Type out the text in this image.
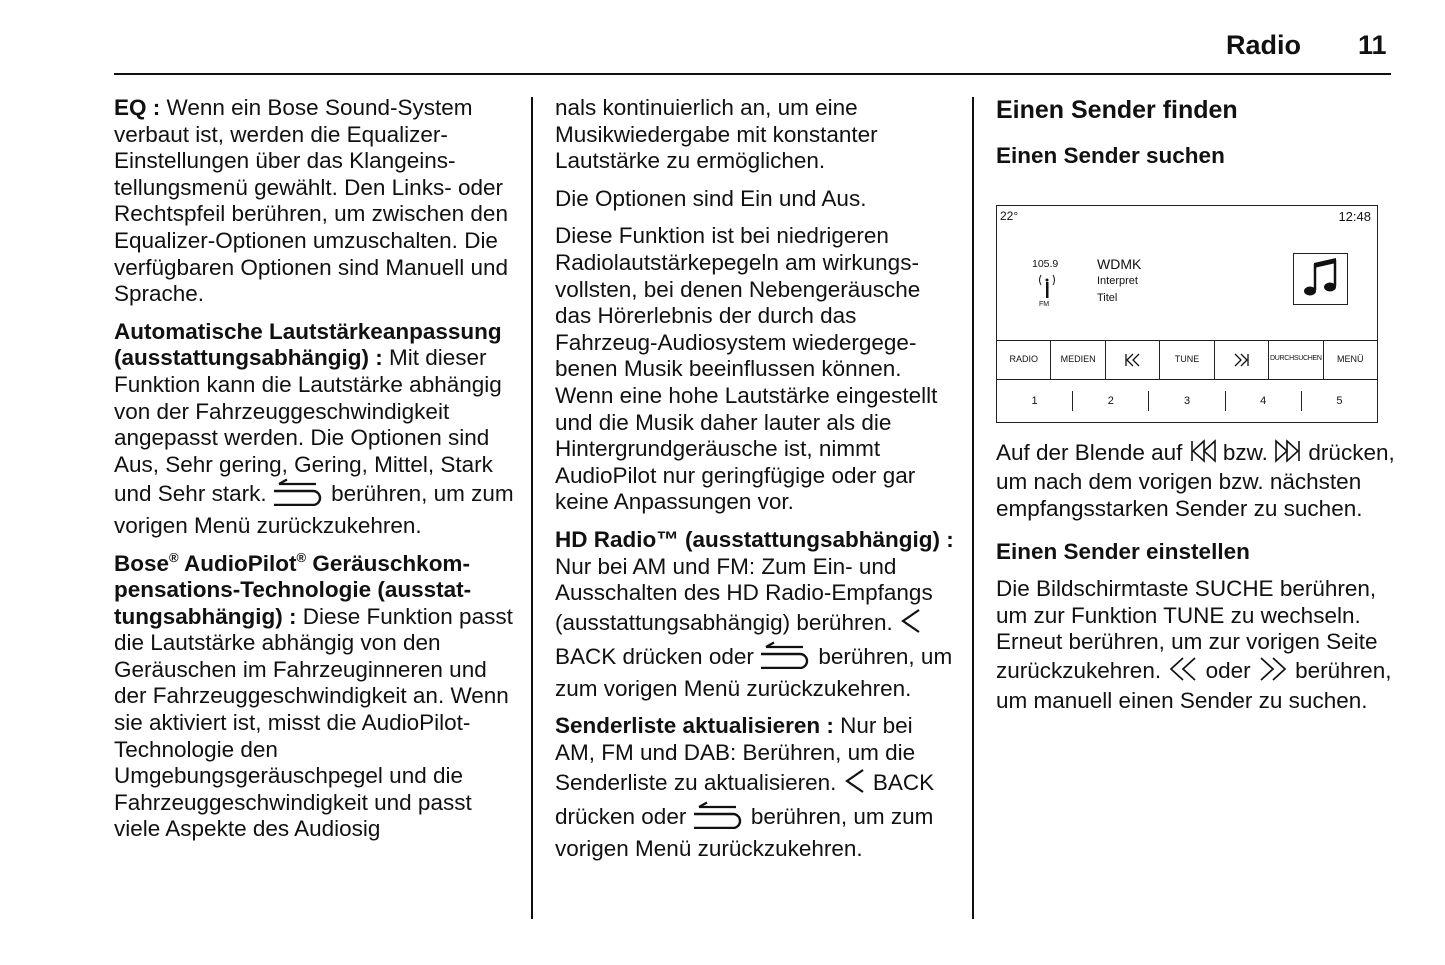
Radio 11

EQ : Wenn ein Bose Sound-System verbaut ist, werden die Equalizer-Einstellungen über das Klangeinstellungsmenü gewählt. Den Links- oder Rechtspfeil berühren, um zwischen den Equalizer-Optionen umzuschalten. Die verfügbaren Optionen sind Manuell und Sprache.

Automatische Lautstärkeanpassung (ausstattungsabhängig) : Mit dieser Funktion kann die Lautstärke abhängig von der Fahrzeuggeschwindigkeit angepasst werden. Die Optionen sind Aus, Sehr gering, Gering, Mittel, Stark und Sehr stark.  berühren, um zum vorigen Menü zurückzukehren.

Bose® AudioPilot® Geräuschkompensations-Technologie (ausstattungsabhängig) : Diese Funktion passt die Lautstärke abhängig von den Geräuschen im Fahrzeuginneren und der Fahrzeuggeschwindigkeit an. Wenn sie aktiviert ist, misst die AudioPilot-Technologie den Umgebungsgeräuschpegel und die Fahrzeuggeschwindigkeit und passt viele Aspekte des Audiosig

nals kontinuierlich an, um eine Musikwiedergabe mit konstanter Lautstärke zu ermöglichen.

Die Optionen sind Ein und Aus.

Diese Funktion ist bei niedrigeren Radiolautstärkepegeln am wirkungsvollsten, bei denen Nebengeräusche das Hörerlebnis der durch das Fahrzeug-Audiosystem wiedergegebenen Musik beeinflussen können. Wenn eine hohe Lautstärke eingestellt und die Musik daher lauter als die Hintergrundgeräusche ist, nimmt AudioPilot nur geringfügige oder gar keine Anpassungen vor.

HD Radio™ (ausstattungsabhängig) : Nur bei AM und FM: Zum Ein- und Ausschalten des HD Radio-Empfangs (ausstattungsabhängig) berühren.  BACK drücken oder  berühren, um zum vorigen Menü zurückzukehren.

Senderliste aktualisieren : Nur bei AM, FM und DAB: Berühren, um die Senderliste zu aktualisieren.  BACK drücken oder  berühren, um zum vorigen Menü zurückzukehren.

Einen Sender finden
Einen Sender suchen
22°	12:48
105.9
FM
WDMK
Interpret
Titel
RADIO	MEDIEN	TUNE	DURCHSUCHEN	MENÜ
1	2	3	4	5

Auf der Blende auf  bzw.  drücken, um nach dem vorigen bzw. nächsten empfangsstarken Sender zu suchen.

Einen Sender einstellen

Die Bildschirmtaste SUCHE berühren, um zur Funktion TUNE zu wechseln. Erneut berühren, um zur vorigen Seite zurückzukehren.  oder  berühren, um manuell einen Sender zu suchen.
